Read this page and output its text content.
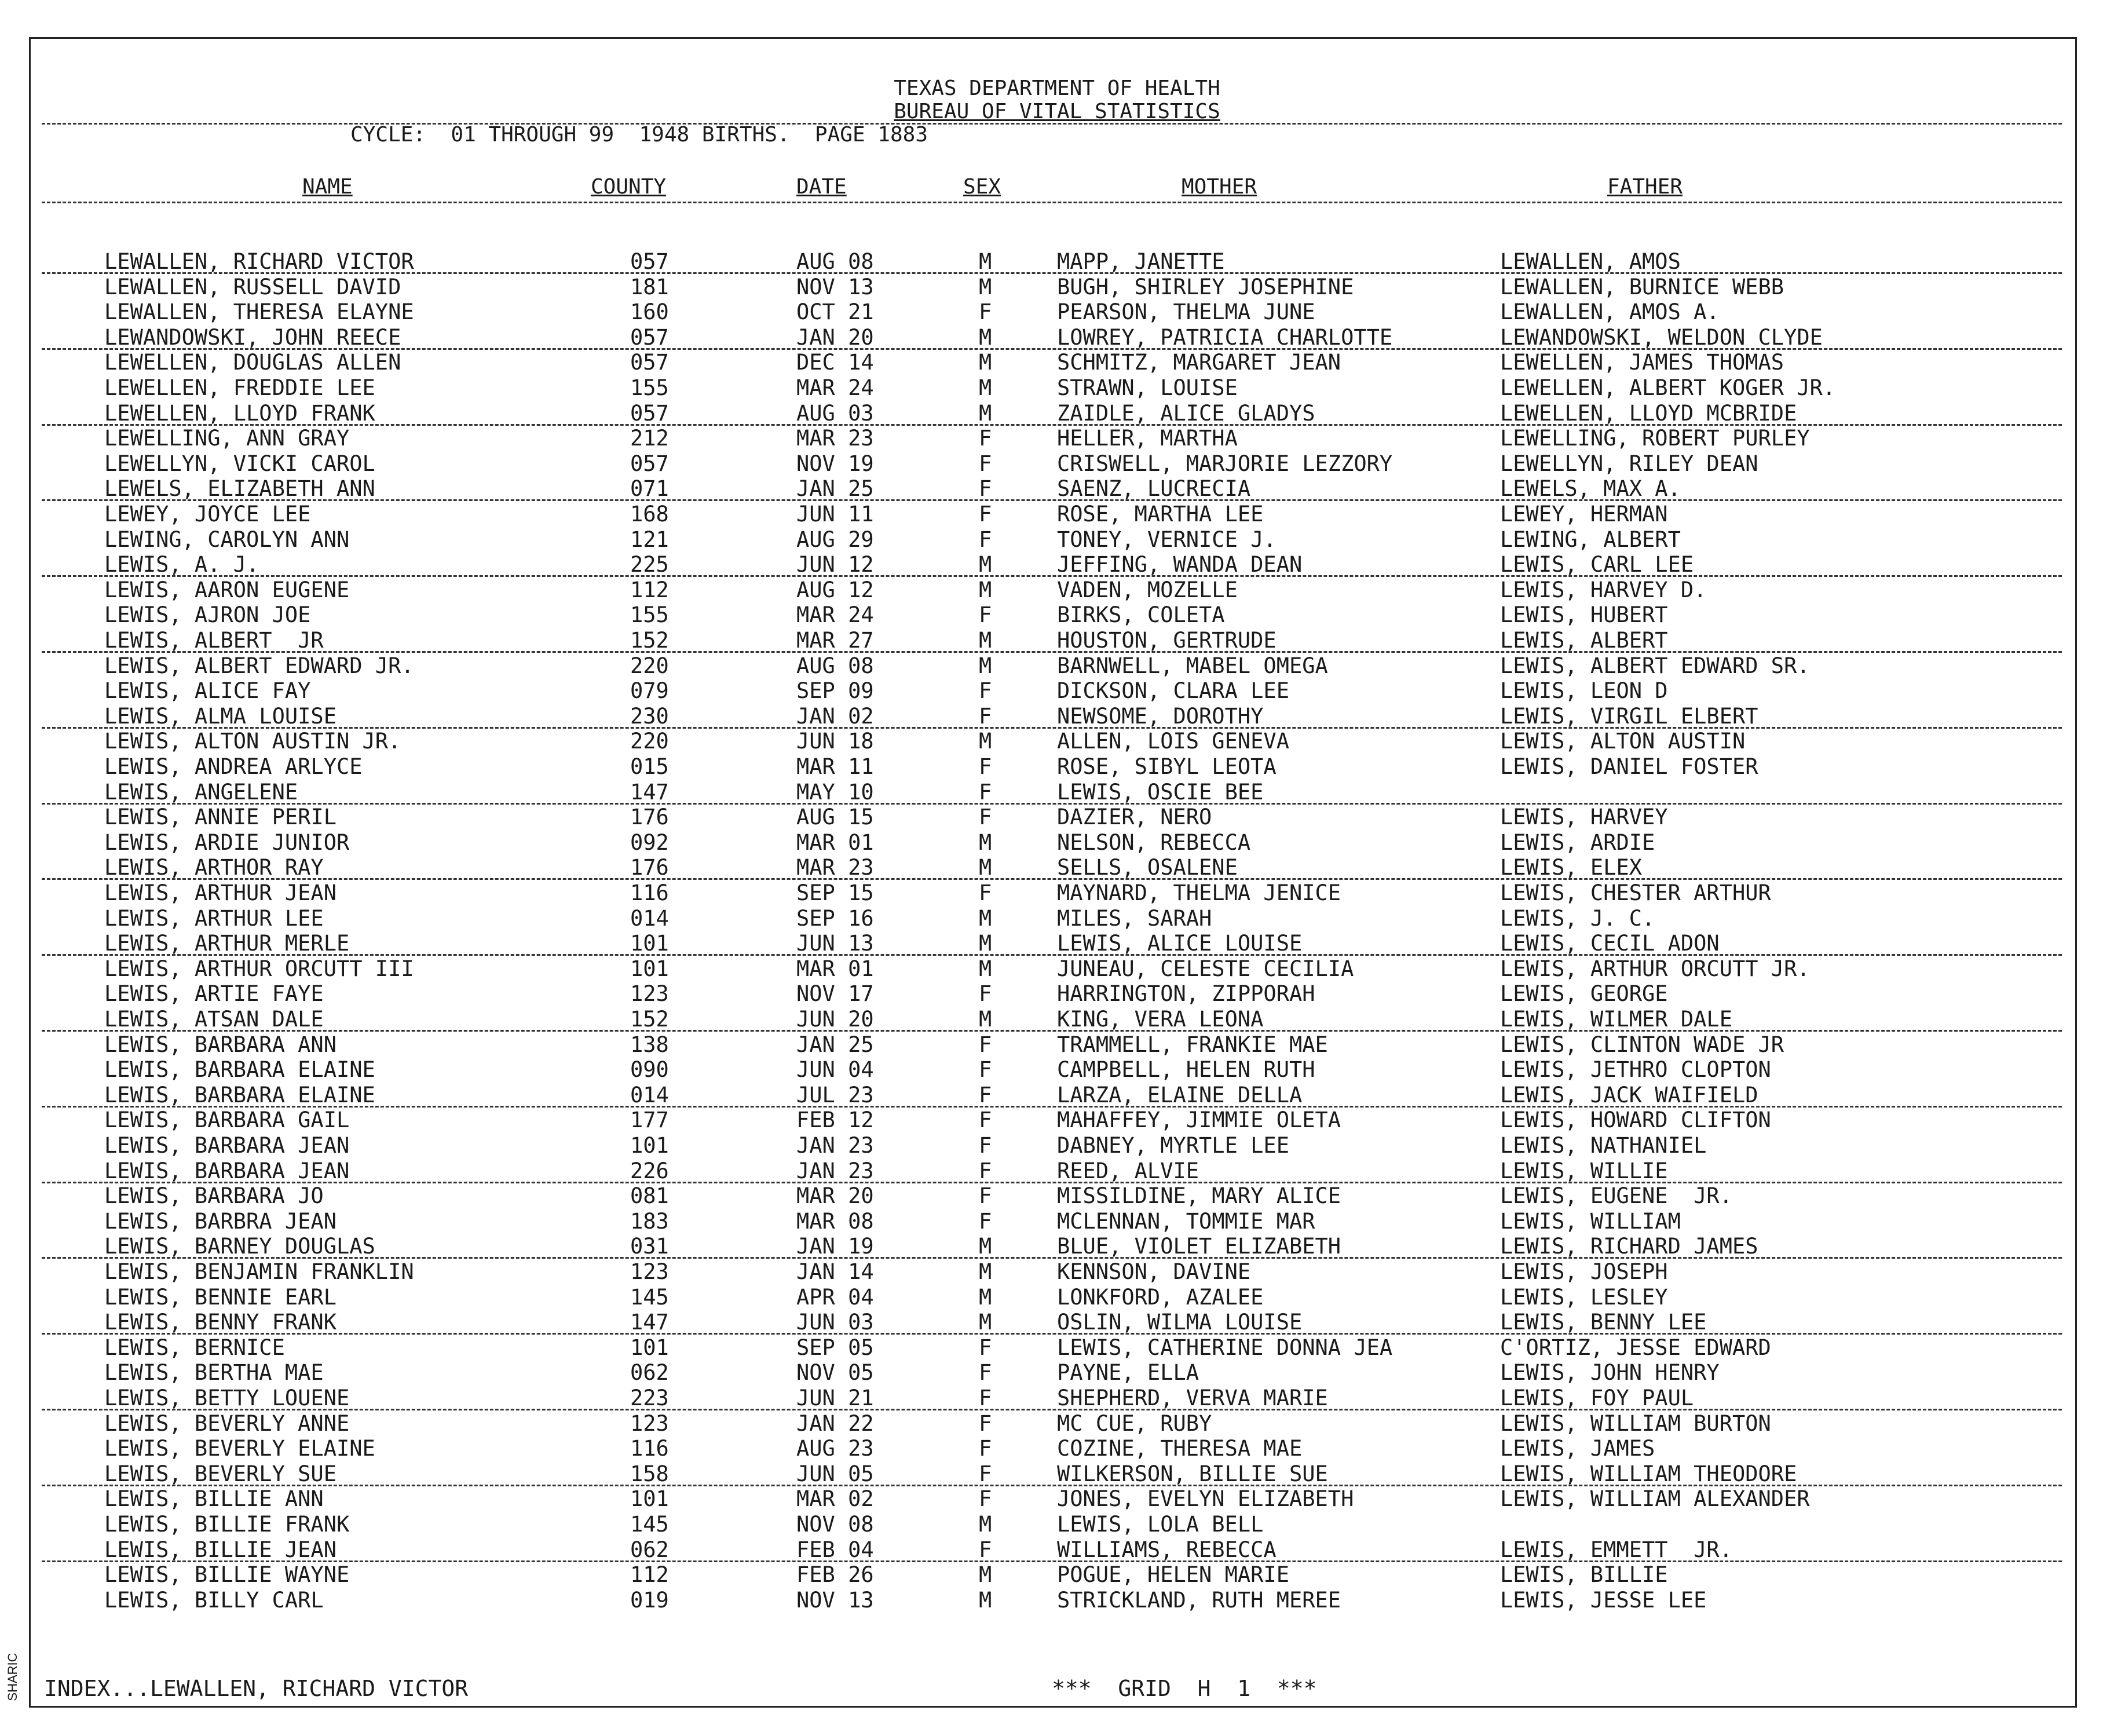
TEXAS DEPARTMENT OF HEALTH
BUREAU OF VITAL STATISTICS
CYCLE:  01 THROUGH 99  1948 BIRTHS.  PAGE 1883
NAME	COUNTY	DATE	SEX	MOTHER	FATHER
LEWALLEN, RICHARD VICTOR	057	AUG 08	M	MAPP, JANETTE	LEWALLEN, AMOS
LEWALLEN, RUSSELL DAVID	181	NOV 13	M	BUGH, SHIRLEY JOSEPHINE	LEWALLEN, BURNICE WEBB
LEWALLEN, THERESA ELAYNE	160	OCT 21	F	PEARSON, THELMA JUNE	LEWALLEN, AMOS A.
LEWANDOWSKI, JOHN REECE	057	JAN 20	M	LOWREY, PATRICIA CHARLOTTE	LEWANDOWSKI, WELDON CLYDE
LEWELLEN, DOUGLAS ALLEN	057	DEC 14	M	SCHMITZ, MARGARET JEAN	LEWELLEN, JAMES THOMAS
LEWELLEN, FREDDIE LEE	155	MAR 24	M	STRAWN, LOUISE	LEWELLEN, ALBERT KOGER JR.
LEWELLEN, LLOYD FRANK	057	AUG 03	M	ZAIDLE, ALICE GLADYS	LEWELLEN, LLOYD MCBRIDE
LEWELLING, ANN GRAY	212	MAR 23	F	HELLER, MARTHA	LEWELLING, ROBERT PURLEY
LEWELLYN, VICKI CAROL	057	NOV 19	F	CRISWELL, MARJORIE LEZZORY	LEWELLYN, RILEY DEAN
LEWELS, ELIZABETH ANN	071	JAN 25	F	SAENZ, LUCRECIA	LEWELS, MAX A.
LEWEY, JOYCE LEE	168	JUN 11	F	ROSE, MARTHA LEE	LEWEY, HERMAN
LEWING, CAROLYN ANN	121	AUG 29	F	TONEY, VERNICE J.	LEWING, ALBERT
LEWIS, A. J.	225	JUN 12	M	JEFFING, WANDA DEAN	LEWIS, CARL LEE
LEWIS, AARON EUGENE	112	AUG 12	M	VADEN, MOZELLE	LEWIS, HARVEY D.
LEWIS, AJRON JOE	155	MAR 24	F	BIRKS, COLETA	LEWIS, HUBERT
LEWIS, ALBERT  JR	152	MAR 27	M	HOUSTON, GERTRUDE	LEWIS, ALBERT
LEWIS, ALBERT EDWARD JR.	220	AUG 08	M	BARNWELL, MABEL OMEGA	LEWIS, ALBERT EDWARD SR.
LEWIS, ALICE FAY	079	SEP 09	F	DICKSON, CLARA LEE	LEWIS, LEON D
LEWIS, ALMA LOUISE	230	JAN 02	F	NEWSOME, DOROTHY	LEWIS, VIRGIL ELBERT
LEWIS, ALTON AUSTIN JR.	220	JUN 18	M	ALLEN, LOIS GENEVA	LEWIS, ALTON AUSTIN
LEWIS, ANDREA ARLYCE	015	MAR 11	F	ROSE, SIBYL LEOTA	LEWIS, DANIEL FOSTER
LEWIS, ANGELENE	147	MAY 10	F	LEWIS, OSCIE BEE
LEWIS, ANNIE PERIL	176	AUG 15	F	DAZIER, NERO	LEWIS, HARVEY
LEWIS, ARDIE JUNIOR	092	MAR 01	M	NELSON, REBECCA	LEWIS, ARDIE
LEWIS, ARTHOR RAY	176	MAR 23	M	SELLS, OSALENE	LEWIS, ELEX
LEWIS, ARTHUR JEAN	116	SEP 15	F	MAYNARD, THELMA JENICE	LEWIS, CHESTER ARTHUR
LEWIS, ARTHUR LEE	014	SEP 16	M	MILES, SARAH	LEWIS, J. C.
LEWIS, ARTHUR MERLE	101	JUN 13	M	LEWIS, ALICE LOUISE	LEWIS, CECIL ADON
LEWIS, ARTHUR ORCUTT III	101	MAR 01	M	JUNEAU, CELESTE CECILIA	LEWIS, ARTHUR ORCUTT JR.
LEWIS, ARTIE FAYE	123	NOV 17	F	HARRINGTON, ZIPPORAH	LEWIS, GEORGE
LEWIS, ATSAN DALE	152	JUN 20	M	KING, VERA LEONA	LEWIS, WILMER DALE
LEWIS, BARBARA ANN	138	JAN 25	F	TRAMMELL, FRANKIE MAE	LEWIS, CLINTON WADE JR
LEWIS, BARBARA ELAINE	090	JUN 04	F	CAMPBELL, HELEN RUTH	LEWIS, JETHRO CLOPTON
LEWIS, BARBARA ELAINE	014	JUL 23	F	LARZA, ELAINE DELLA	LEWIS, JACK WAIFIELD
LEWIS, BARBARA GAIL	177	FEB 12	F	MAHAFFEY, JIMMIE OLETA	LEWIS, HOWARD CLIFTON
LEWIS, BARBARA JEAN	101	JAN 23	F	DABNEY, MYRTLE LEE	LEWIS, NATHANIEL
LEWIS, BARBARA JEAN	226	JAN 23	F	REED, ALVIE	LEWIS, WILLIE
LEWIS, BARBARA JO	081	MAR 20	F	MISSILDINE, MARY ALICE	LEWIS, EUGENE  JR.
LEWIS, BARBRA JEAN	183	MAR 08	F	MCLENNAN, TOMMIE MAR	LEWIS, WILLIAM
LEWIS, BARNEY DOUGLAS	031	JAN 19	M	BLUE, VIOLET ELIZABETH	LEWIS, RICHARD JAMES
LEWIS, BENJAMIN FRANKLIN	123	JAN 14	M	KENNSON, DAVINE	LEWIS, JOSEPH
LEWIS, BENNIE EARL	145	APR 04	M	LONKFORD, AZALEE	LEWIS, LESLEY
LEWIS, BENNY FRANK	147	JUN 03	M	OSLIN, WILMA LOUISE	LEWIS, BENNY LEE
LEWIS, BERNICE	101	SEP 05	F	LEWIS, CATHERINE DONNA JEA	C'ORTIZ, JESSE EDWARD
LEWIS, BERTHA MAE	062	NOV 05	F	PAYNE, ELLA	LEWIS, JOHN HENRY
LEWIS, BETTY LOUENE	223	JUN 21	F	SHEPHERD, VERVA MARIE	LEWIS, FOY PAUL
LEWIS, BEVERLY ANNE	123	JAN 22	F	MC CUE, RUBY	LEWIS, WILLIAM BURTON
LEWIS, BEVERLY ELAINE	116	AUG 23	F	COZINE, THERESA MAE	LEWIS, JAMES
LEWIS, BEVERLY SUE	158	JUN 05	F	WILKERSON, BILLIE SUE	LEWIS, WILLIAM THEODORE
LEWIS, BILLIE ANN	101	MAR 02	F	JONES, EVELYN ELIZABETH	LEWIS, WILLIAM ALEXANDER
LEWIS, BILLIE FRANK	145	NOV 08	M	LEWIS, LOLA BELL
LEWIS, BILLIE JEAN	062	FEB 04	F	WILLIAMS, REBECCA	LEWIS, EMMETT  JR.
LEWIS, BILLIE WAYNE	112	FEB 26	M	POGUE, HELEN MARIE	LEWIS, BILLIE
LEWIS, BILLY CARL	019	NOV 13	M	STRICKLAND, RUTH MEREE	LEWIS, JESSE LEE
INDEX...LEWALLEN, RICHARD VICTOR	***  GRID  H  1  ***
SHARIC
